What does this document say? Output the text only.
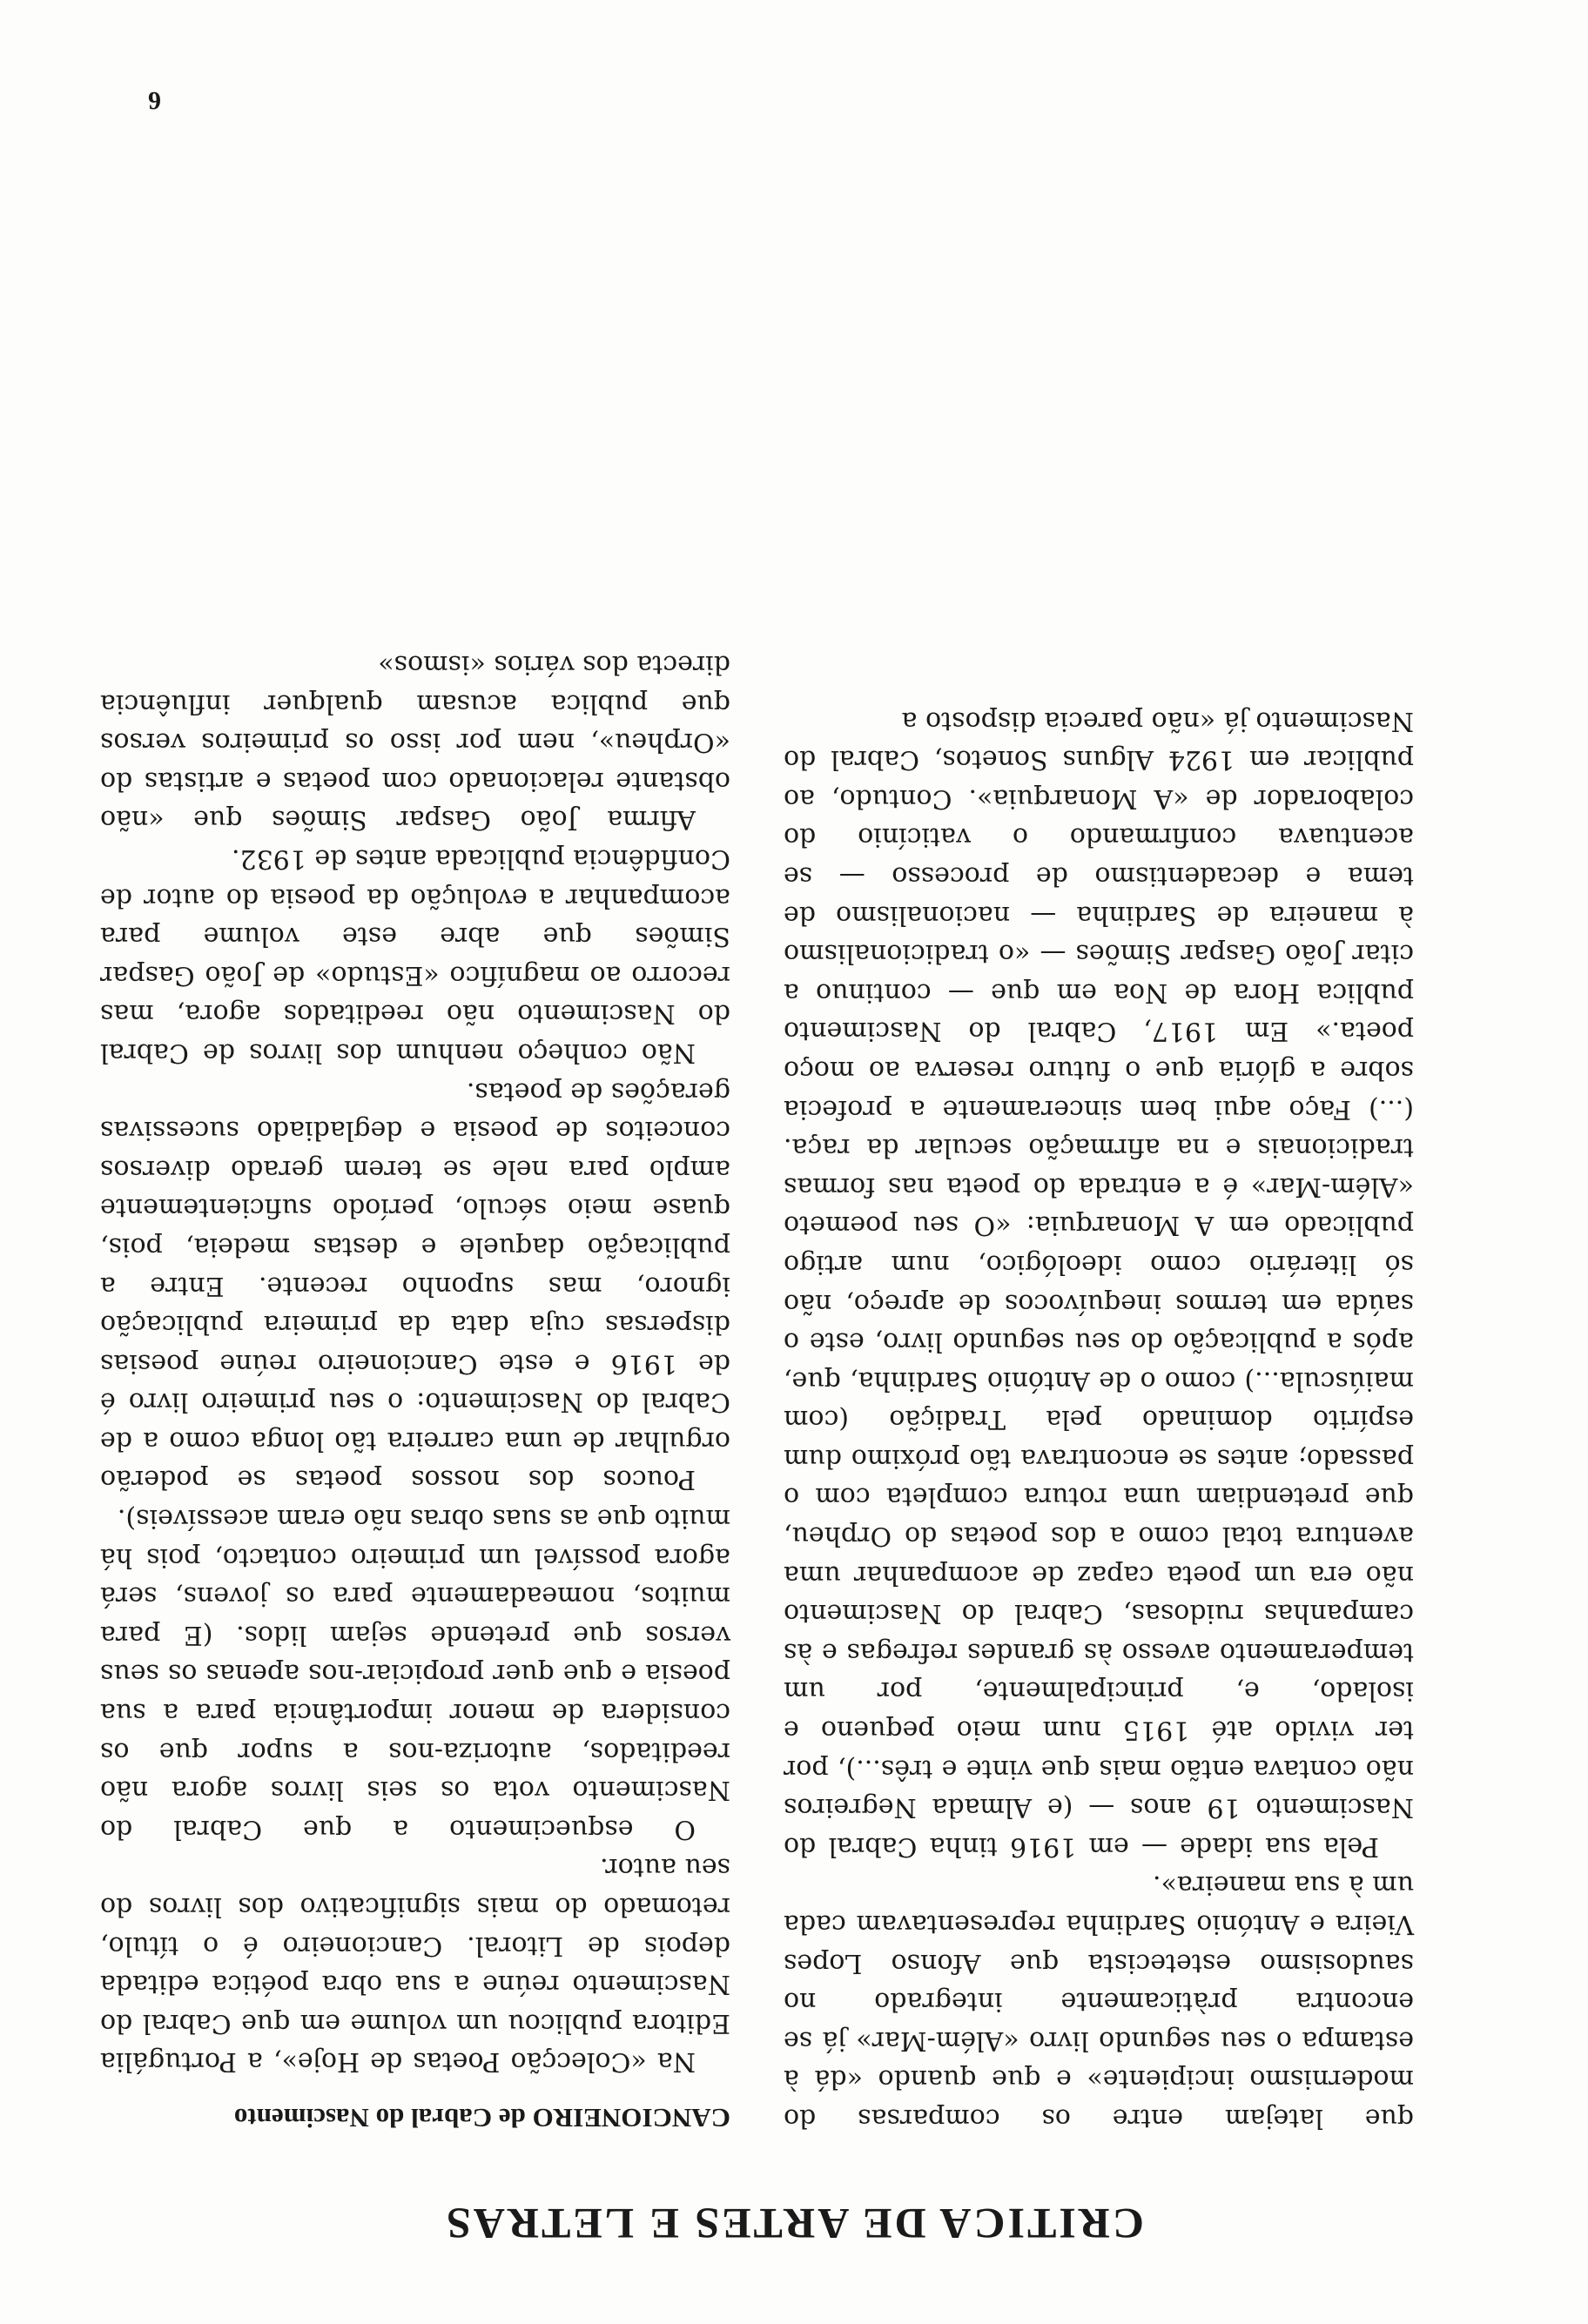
CRITICA DE ARTES E LETRAS

que latejam entre os comparsas do modernismo incipiente» e que quando «dá à estampa o seu segundo livro «Além-Mar» já se encontra pràticamente integrado no saudosismo estetecista que Afonso Lopes Vieira e António Sardinha representavam cada um à sua maneira».

Pela sua idade — em 1916 tinha Cabral do Nascimento 19 anos — (e Almada Negreiros não contava então mais que vinte e três...), por ter vivido até 1915 num meio pequeno e isolado, e, principalmente, por um temperamento avesso às grandes refregas e às campanhas ruidosas, Cabral do Nascimento não era um poeta capaz de acompanhar uma aventura total como a dos poetas do Orpheu, que pretendiam uma rotura completa com o passado; antes se encontrava tão próximo dum espírito dominado pela Tradição (com maiúscula...) como o de António Sardinha, que, após a publicação do seu segundo livro, este o saúda em termos inequívocos de apreço, não só literário como ideológico, num artigo publicado em A Monarquia: «O seu poemeto «Além-Mar» é a entrada do poeta nas formas tradicionais e na afirmação secular da raça. (...) Faço aqui bem sinceramente a profecia sobre a glória que o futuro reserva ao moço poeta.» Em 1917, Cabral do Nascimento publica Hora de Noa em que — continuo a citar João Gaspar Simões — «o tradicionalismo à maneira de Sardinha — nacionalismo de tema e decadentismo de processo — se acentuava confirmando o vaticínio do colaborador de «A Monarquia». Contudo, ao publicar em 1924 Alguns Sonetos, Cabral do Nascimento já «não parecia disposto a

CANCIONEIRO de Cabral do Nascimento

Na «Colecção Poetas de Hoje», a Portugália Editora publicou um volume em que Cabral do Nascimento reúne a sua obra poética editada depois de Litoral. Cancioneiro é o título, retomado do mais significativo dos livros do seu autor.

O esquecimento a que Cabral do Nascimento vota os seis livros agora não reeditados, autoriza-nos a supor que os considera de menor importância para a sua poesia e que quer propiciar-nos apenas os seus versos que pretende sejam lidos. (E para muitos, nomeadamente para os jovens, será agora possível um primeiro contacto, pois há muito que as suas obras não eram acessíveis).

Poucos dos nossos poetas se poderão orgulhar de uma carreira tão longa como a de Cabral do Nascimento: o seu primeiro livro é de 1916 e este Cancioneiro reúne poesias dispersas cuja data da primeira publicação ignoro, mas suponho recente. Entre a publicação daquele e destas medeia, pois, quase meio século, período suficientemente amplo para nele se terem gerado diversos conceitos de poesia e degladiado sucessivas gerações de poetas.

Não conheço nenhum dos livros de Cabral do Nascimento não reeditados agora, mas recorro ao magnífico «Estudo» de João Gaspar Simões que abre este volume para acompanhar a evolução da poesia do autor de Confidência publicada antes de 1932.

Afirma João Gaspar Simões que «não obstante relacionado com poetas e artistas do «Orpheu», nem por isso os primeiros versos que publica acusam qualquer influência directa dos vários «ismos»

6
